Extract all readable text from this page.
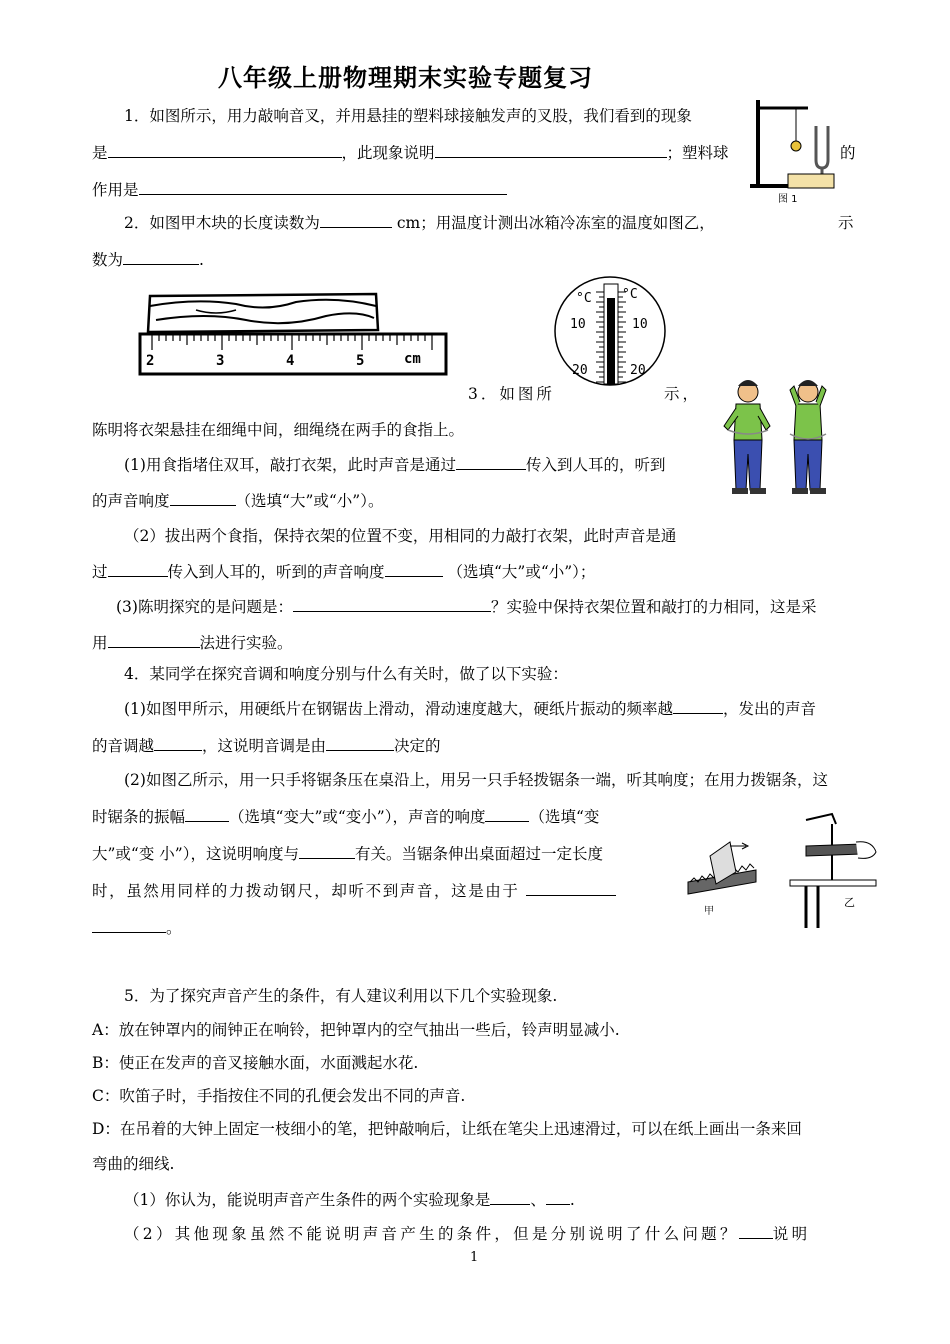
八年级上册物理期末实验专题复习
1．如图所示，用力敲响音叉，并用悬挂的塑料球接触发声的叉股，我们看到的现象
是	，此现象说明	；塑料球	的
作用是
图 1
2．如图甲木块的长度读数为	cm；用温度计测出冰箱冷冻室的温度如图乙，	示
数为	.
2	3	4	5	cm
°C °C
10	10
20	20
3．如图所	示，
陈明将衣架悬挂在细绳中间，细绳绕在两手的食指上。
(1)用食指堵住双耳，敲打衣架，此时声音是通过	传入到人耳的，听到
的声音响度	（选填“大”或“小”）。
（2）拔出两个食指，保持衣架的位置不变，用相同的力敲打衣架，此时声音是通
过	传入到人耳的，听到的声音响度	（选填“大”或“小”）；
(3)陈明探究的是问题是：	？实验中保持衣架位置和敲打的力相同，这是采
用	法进行实验。
4．某同学在探究音调和响度分别与什么有关时，做了以下实验：
(1)如图甲所示，用硬纸片在钢锯齿上滑动，滑动速度越大，硬纸片振动的频率越	，发出的声音
的音调越	，这说明音调是由	决定的
(2)如图乙所示，用一只手将锯条压在桌沿上，用另一只手轻拨锯条一端，听其响度；在用力拨锯条，这
时锯条的振幅	（选填“变大”或“变小”），声音的响度	（选填“变
大”或“变 小”），这说明响度与	有关。当锯条伸出桌面超过一定长度
时，虽然用同样的力拨动钢尺，却听不到声音，这是由于
。
甲
乙
5．为了探究声音产生的条件，有人建议利用以下几个实验现象.
A：放在钟罩内的闹钟正在响铃，把钟罩内的空气抽出一些后，铃声明显减小.
B：使正在发声的音叉接触水面，水面溅起水花.
C：吹笛子时，手指按住不同的孔便会发出不同的声音.
D：在吊着的大钟上固定一枝细小的笔，把钟敲响后，让纸在笔尖上迅速滑过，可以在纸上画出一条来回
弯曲的细线.
（1）你认为，能说明声音产生条件的两个实验现象是	、 .
（2）其他现象虽然不能说明声音产生的条件，但是分别说明了什么问题？ 说明
1
